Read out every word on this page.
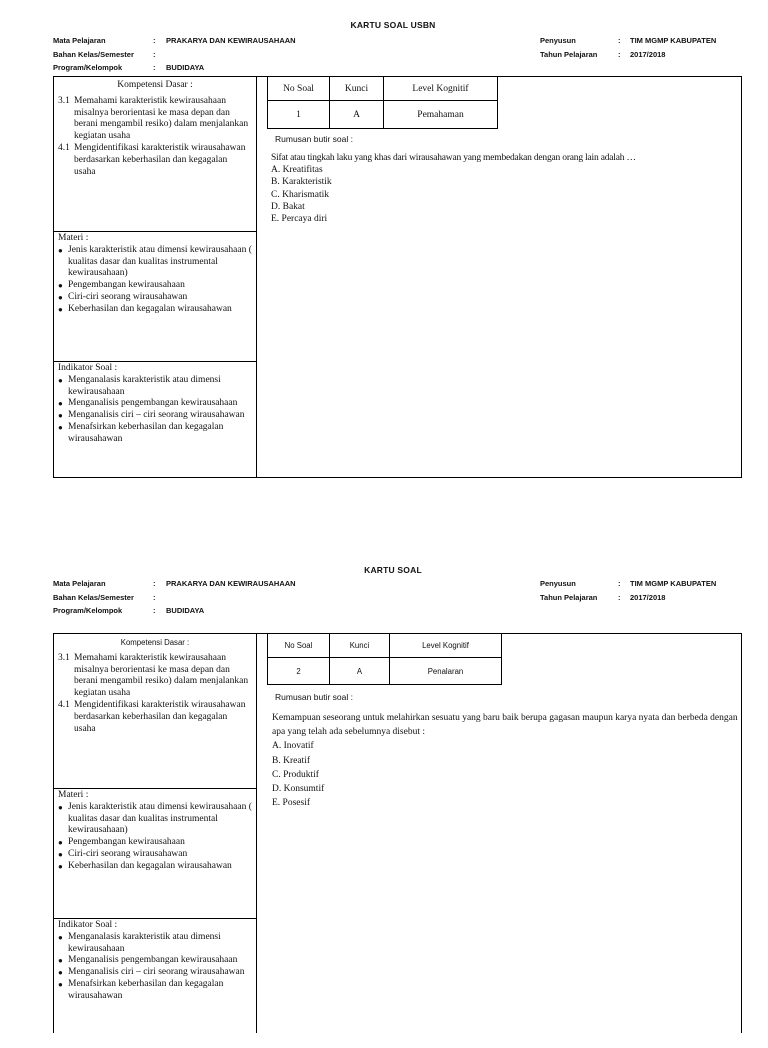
KARTU SOAL USBN
Mata Pelajaran	:	PRAKARYA DAN KEWIRAUSAHAAN
Bahan Kelas/Semester	:
Program/Kelompok	:	BUDIDAYA
Penyusun	:	TIM MGMP KABUPATEN
Tahun Pelajaran	:	2017/2018
Kompetensi Dasar :
3.1 Memahami karakteristik kewirausahaan misalnya berorientasi ke masa depan dan berani mengambil resiko) dalam menjalankan kegiatan usaha
4.1 Mengidentifikasi karakteristik wirausahawan berdasarkan keberhasilan dan kegagalan usaha
Materi :
● Jenis karakteristik atau dimensi kewirausahaan ( kualitas dasar dan kualitas instrumental kewirausahaan)
● Pengembangan kewirausahaan
● Ciri-ciri seorang wirausahawan
● Keberhasilan dan kegagalan wirausahawan
Indikator Soal :
● Menganalasis karakteristik atau dimensi kewirausahaan
● Menganalisis pengembangan kewirausahaan
● Menganalisis ciri – ciri seorang wirausahawan
● Menafsirkan keberhasilan dan kegagalan wirausahawan
No Soal	Kunci	Level Kognitif
1	A	Pemahaman
Rumusan butir soal :
Sifat atau tingkah laku yang khas dari wirausahawan yang membedakan dengan orang lain adalah …
A. Kreatifitas
B. Karakteristik
C. Kharismatik
D. Bakat
E. Percaya diri
KARTU SOAL
Mata Pelajaran	:	PRAKARYA DAN KEWIRAUSAHAAN
Bahan Kelas/Semester	:
Program/Kelompok	:	BUDIDAYA
Penyusun	:	TIM MGMP KABUPATEN
Tahun Pelajaran	:	2017/2018
Kompetensi Dasar :
3.1 Memahami karakteristik kewirausahaan misalnya berorientasi ke masa depan dan berani mengambil resiko) dalam menjalankan kegiatan usaha
4.1 Mengidentifikasi karakteristik wirausahawan berdasarkan keberhasilan dan kegagalan usaha
Materi :
● Jenis karakteristik atau dimensi kewirausahaan ( kualitas dasar dan kualitas instrumental kewirausahaan)
● Pengembangan kewirausahaan
● Ciri-ciri seorang wirausahawan
● Keberhasilan dan kegagalan wirausahawan
Indikator Soal :
● Menganalasis karakteristik atau dimensi kewirausahaan
● Menganalisis pengembangan kewirausahaan
● Menganalisis ciri – ciri seorang wirausahawan
● Menafsirkan keberhasilan dan kegagalan wirausahawan
No Soal	Kunci	Level Kognitif
2	A	Penalaran
Rumusan butir soal :
Kemampuan seseorang untuk melahirkan sesuatu yang baru baik berupa gagasan maupun karya nyata dan berbeda dengan apa yang telah ada sebelumnya disebut :
A. Inovatif
B. Kreatif
C. Produktif
D. Konsumtif
E. Posesif
